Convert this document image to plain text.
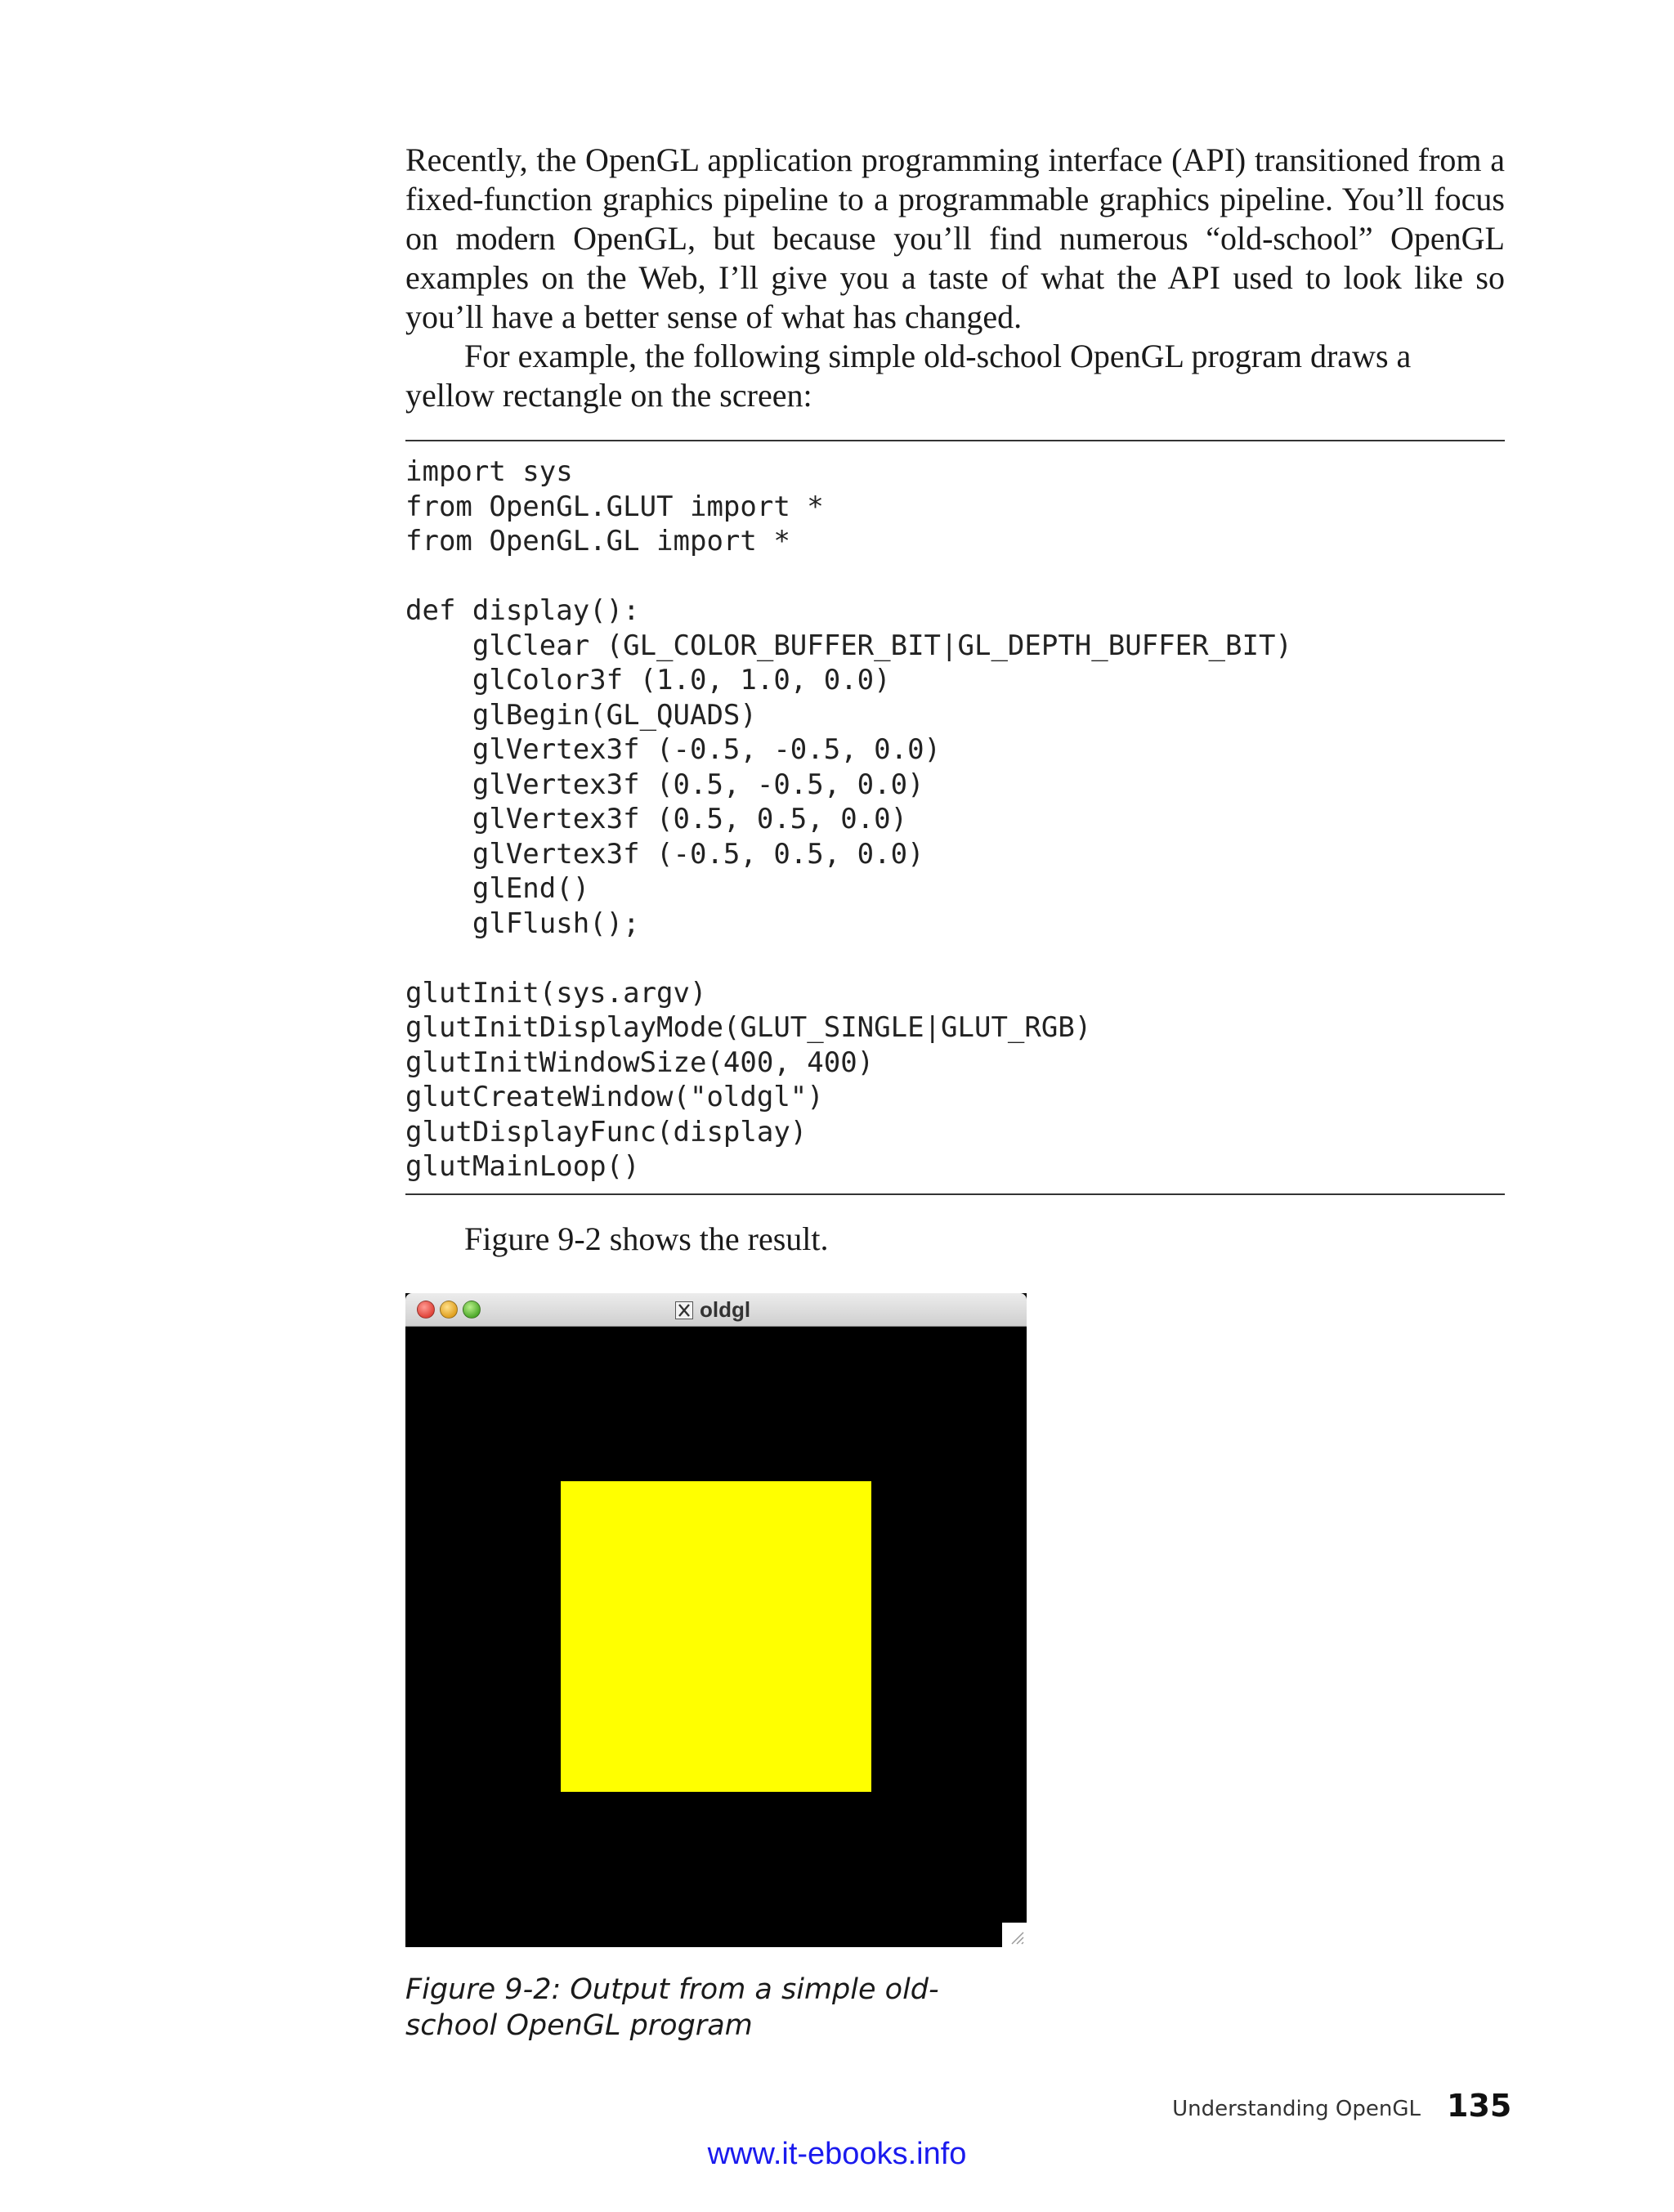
Recently, the OpenGL application programming interface (API) transitioned from a fixed-function graphics pipeline to a programmable graphics pipeline. You’ll focus on modern OpenGL, but because you’ll find numerous “old-school” OpenGL examples on the Web, I’ll give you a taste of what the API used to look like so you’ll have a better sense of what has changed.

For example, the following simple old-school OpenGL program draws a yellow rectangle on the screen:

import sys
from OpenGL.GLUT import *
from OpenGL.GL import *
def display():
glClear (GL_COLOR_BUFFER_BIT|GL_DEPTH_BUFFER_BIT)
glColor3f (1.0, 1.0, 0.0)
glBegin(GL_QUADS)
glVertex3f (-0.5, -0.5, 0.0)
glVertex3f (0.5, -0.5, 0.0)
glVertex3f (0.5, 0.5, 0.0)
glVertex3f (-0.5, 0.5, 0.0)
glEnd()
glFlush();
glutInit(sys.argv)
glutInitDisplayMode(GLUT_SINGLE|GLUT_RGB)
glutInitWindowSize(400, 400)
glutCreateWindow("oldgl")
glutDisplayFunc(display)
glutMainLoop()

Figure 9-2 shows the result.

oldgl
Figure 9-2: Output from a simple old-school OpenGL program
Understanding OpenGL 135
www.it-ebooks.info
